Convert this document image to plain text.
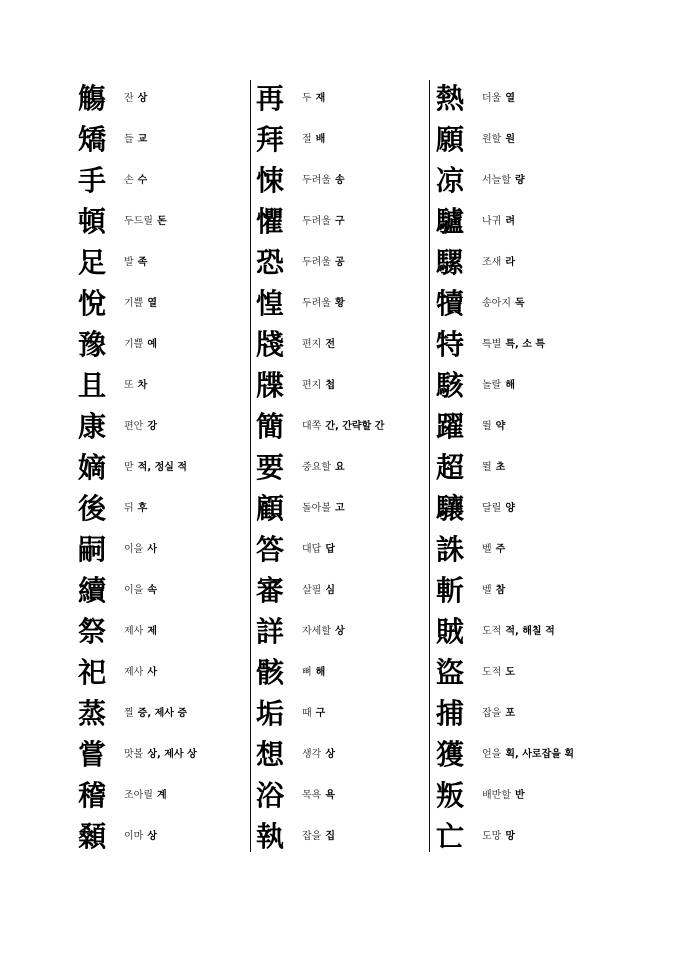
觴	잔 상
矯	들 교
手	손 수
頓	두드릴 돈
足	발 족
悅	기쁠 열
豫	기쁠 예
且	또 차
康	편안 강
嫡	맏 적, 정실 적
後	뒤 후
嗣	이을 사
續	이을 속
祭	제사 제
祀	제사 사
蒸	찔 증, 제사 증
嘗	맛볼 상, 제사 상
稽	조아릴 계
顙	이마 상
再	두 재
拜	절 배
悚	두려울 송
懼	두려울 구
恐	두려울 공
惶	두려울 황
牋	편지 전
牒	편지 첩
簡	대쪽 간, 간략할 간
要	중요할 요
顧	돌아볼 고
答	대답 답
審	살필 심
詳	자세할 상
骸	뼈 해
垢	때 구
想	생각 상
浴	목욕 욕
執	잡을 집
熱	더울 열
願	원할 원
凉	서늘할 량
驢	나귀 려
騾	조새 라
犢	송아지 독
特	특별 특, 소 특
駭	놀랄 해
躍	뛸 약
超	뛸 초
驤	달릴 양
誅	벨 주
斬	벨 참
賊	도적 적, 해칠 적
盜	도적 도
捕	잡을 포
獲	얻을 획, 사로잡을 획
叛	배반할 반
亡	도망 망
